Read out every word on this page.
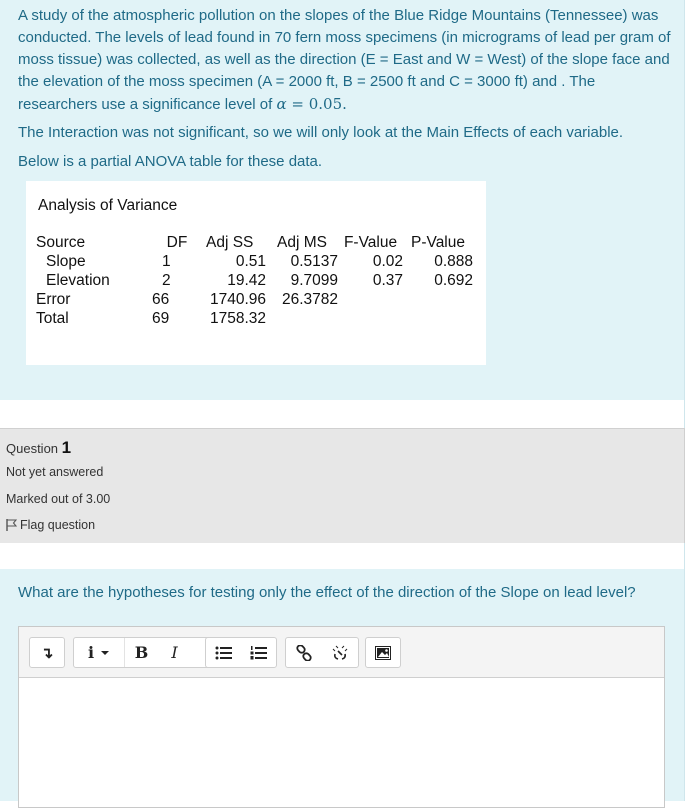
A study of the atmospheric pollution on the slopes of the Blue Ridge Mountains (Tennessee) was conducted. The levels of lead found in 70 fern moss specimens (in micrograms of lead per gram of moss tissue) was collected, as well as the direction (E = East and W = West) of the slope face and the elevation of the moss specimen (A = 2000 ft, B = 2500 ft and C = 3000 ft) and . The researchers use a significance level of α = 0.05.

The Interaction was not significant, so we will only look at the Main Effects of each variable.

Below is a partial ANOVA table for these data.

Analysis of Variance
Source	DF	Adj SS	Adj MS	F-Value	P-Value
Slope	1	0.51	0.5137	0.02	0.888
Elevation	2	19.42	9.7099	0.37	0.692
Error	66	1740.96	26.3782		
Total	69	1758.32			
Question 1
Not yet answered
Marked out of 3.00
Flag question
What are the hypotheses for testing only the effect of the direction of the Slope on lead level?
↴ i	B I
